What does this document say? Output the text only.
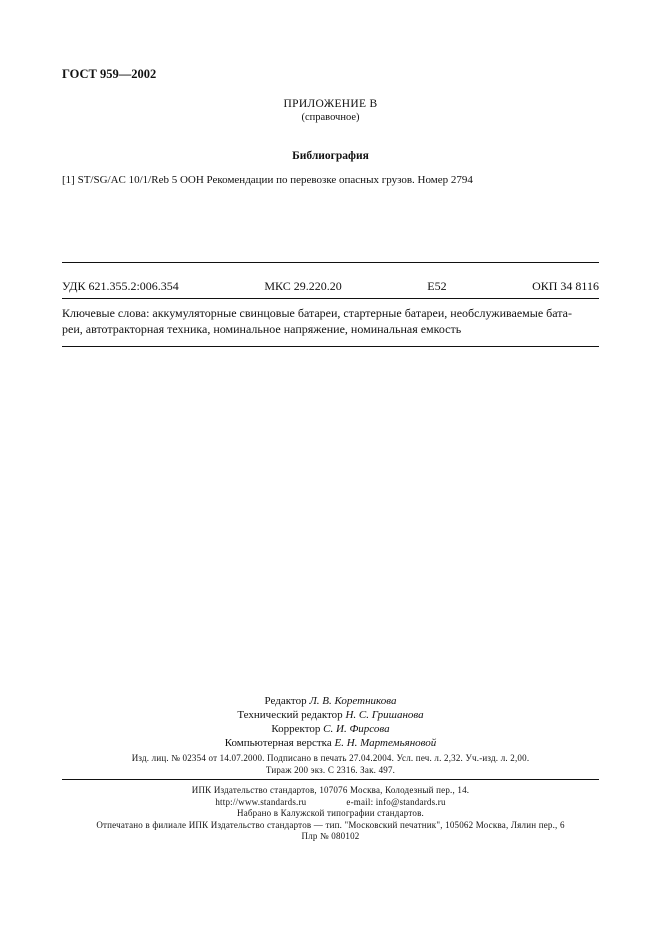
ГОСТ 959—2002
ПРИЛОЖЕНИЕ В
(справочное)
Библиография
[1] ST/SG/AC 10/1/Reb 5 ООН Рекомендации по перевозке опасных грузов. Номер 2794
УДК 621.355.2:006.354	МКС 29.220.20	Е52	ОКП 34 8116
Ключевые слова: аккумуляторные свинцовые батареи, стартерные батареи, необслуживаемые бата-
реи, автотракторная техника, номинальное напряжение, номинальная емкость
Редактор Л. В. Коретникова
Технический редактор Н. С. Гришанова
Корректор С. И. Фирсова
Компьютерная верстка Е. Н. Мартемьяновой
Изд. лиц. № 02354 от 14.07.2000. Подписано в печать 27.04.2004. Усл. печ. л. 2,32. Уч.-изд. л. 2,00.
Тираж 200 экз. С 2316. Зак. 497.
ИПК Издательство стандартов, 107076 Москва, Колодезный пер., 14.
http://www.standards.ru	e-mail: info@standards.ru
Набрано в Калужской типографии стандартов.
Отпечатано в филиале ИПК Издательство стандартов — тип. "Московский печатник", 105062 Москва, Лялин пер., 6
Плр № 080102
